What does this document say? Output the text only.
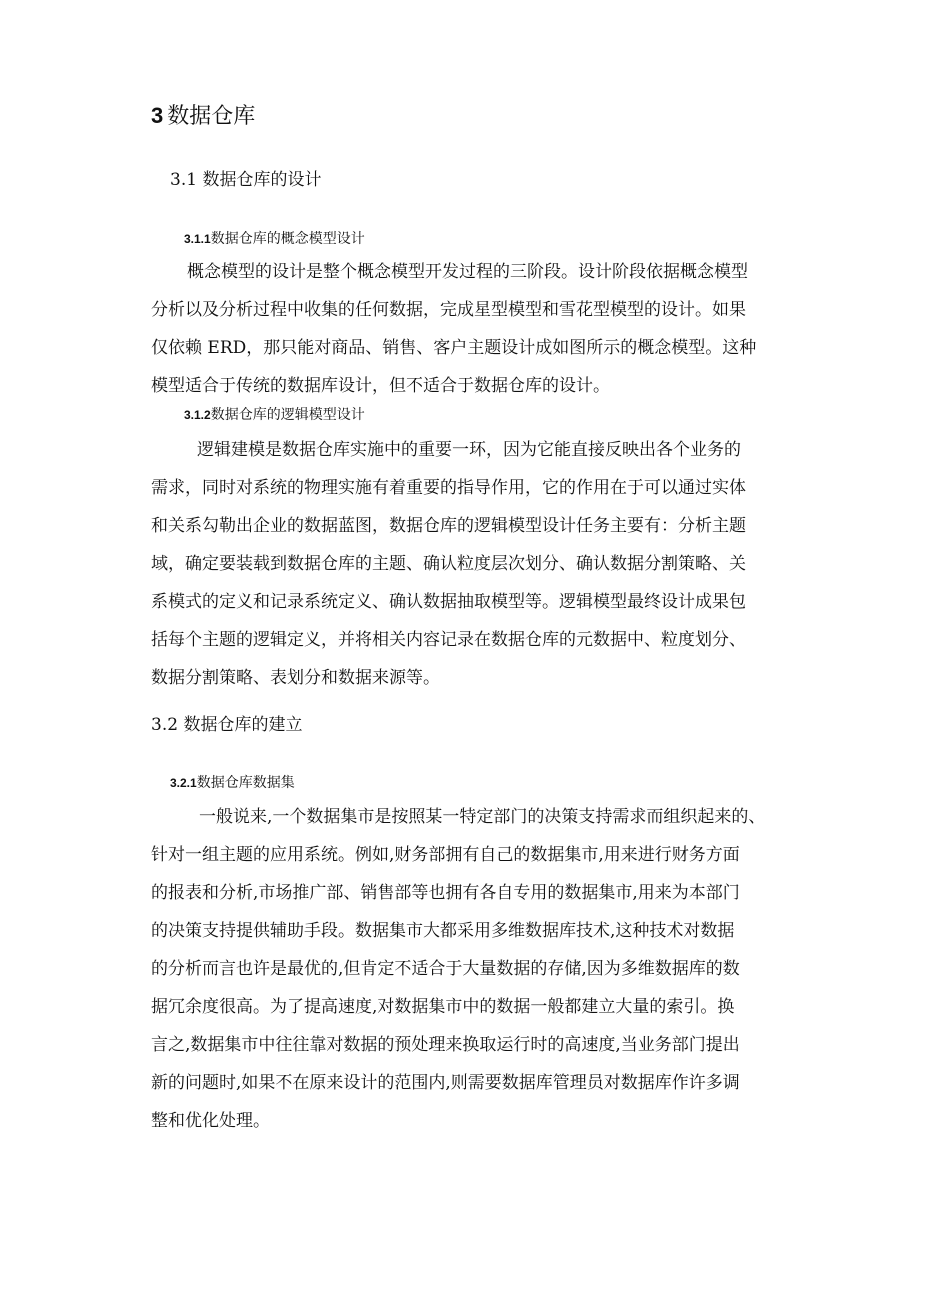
3 数据仓库
3.1 数据仓库的设计
3.1.1数据仓库的概念模型设计
概念模型的设计是整个概念模型开发过程的三阶段。设计阶段依据概念模型
分析以及分析过程中收集的任何数据，完成星型模型和雪花型模型的设计。如果
仅依赖 ERD，那只能对商品、销售、客户主题设计成如图所示的概念模型。这种
模型适合于传统的数据库设计，但不适合于数据仓库的设计。
3.1.2数据仓库的逻辑模型设计
逻辑建模是数据仓库实施中的重要一环，因为它能直接反映出各个业务的
需求，同时对系统的物理实施有着重要的指导作用，它的作用在于可以通过实体
和关系勾勒出企业的数据蓝图，数据仓库的逻辑模型设计任务主要有：分析主题
域，确定要装载到数据仓库的主题、确认粒度层次划分、确认数据分割策略、关
系模式的定义和记录系统定义、确认数据抽取模型等。逻辑模型最终设计成果包
括每个主题的逻辑定义，并将相关内容记录在数据仓库的元数据中、粒度划分、
数据分割策略、表划分和数据来源等。
3.2 数据仓库的建立
3.2.1数据仓库数据集
一般说来,一个数据集市是按照某一特定部门的决策支持需求而组织起来的、
针对一组主题的应用系统。例如,财务部拥有自己的数据集市,用来进行财务方面
的报表和分析,市场推广部、销售部等也拥有各自专用的数据集市,用来为本部门
的决策支持提供辅助手段。数据集市大都采用多维数据库技术,这种技术对数据
的分析而言也许是最优的,但肯定不适合于大量数据的存储,因为多维数据库的数
据冗余度很高。为了提高速度,对数据集市中的数据一般都建立大量的索引。换
言之,数据集市中往往靠对数据的预处理来换取运行时的高速度,当业务部门提出
新的问题时,如果不在原来设计的范围内,则需要数据库管理员对数据库作许多调
整和优化处理。
